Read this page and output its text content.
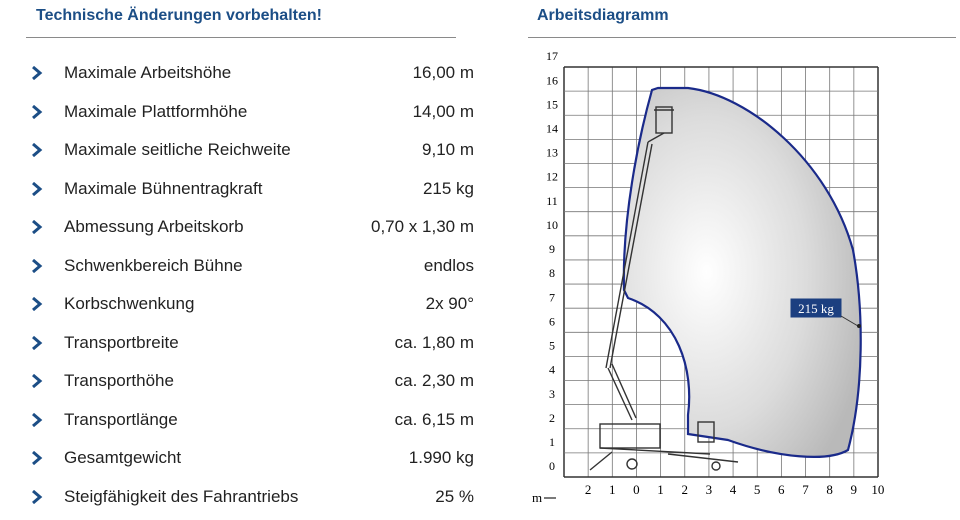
Technische Änderungen vorbehalten!
Maximale Arbeitshöhe	16,00 m
Maximale Plattformhöhe	14,00 m
Maximale seitliche Reichweite	9,10 m
Maximale Bühnentragkraft	215 kg
Abmessung Arbeitskorb	0,70 x 1,30 m
Schwenkbereich Bühne	endlos
Korbschwenkung	2x 90°
Transportbreite	ca. 1,80 m
Transporthöhe	ca. 2,30 m
Transportlänge	ca. 6,15 m
Gesamtgewicht	1.990 kg
Steigfähigkeit des Fahrantriebs	25 %
Arbeitsdiagramm
0
1
2
3
4
5
6
7
8
9
10
11
12
13
14
15
16
17
2 1 0 1 2 3 4 5 6 7 8 9 10
m
215 kg
